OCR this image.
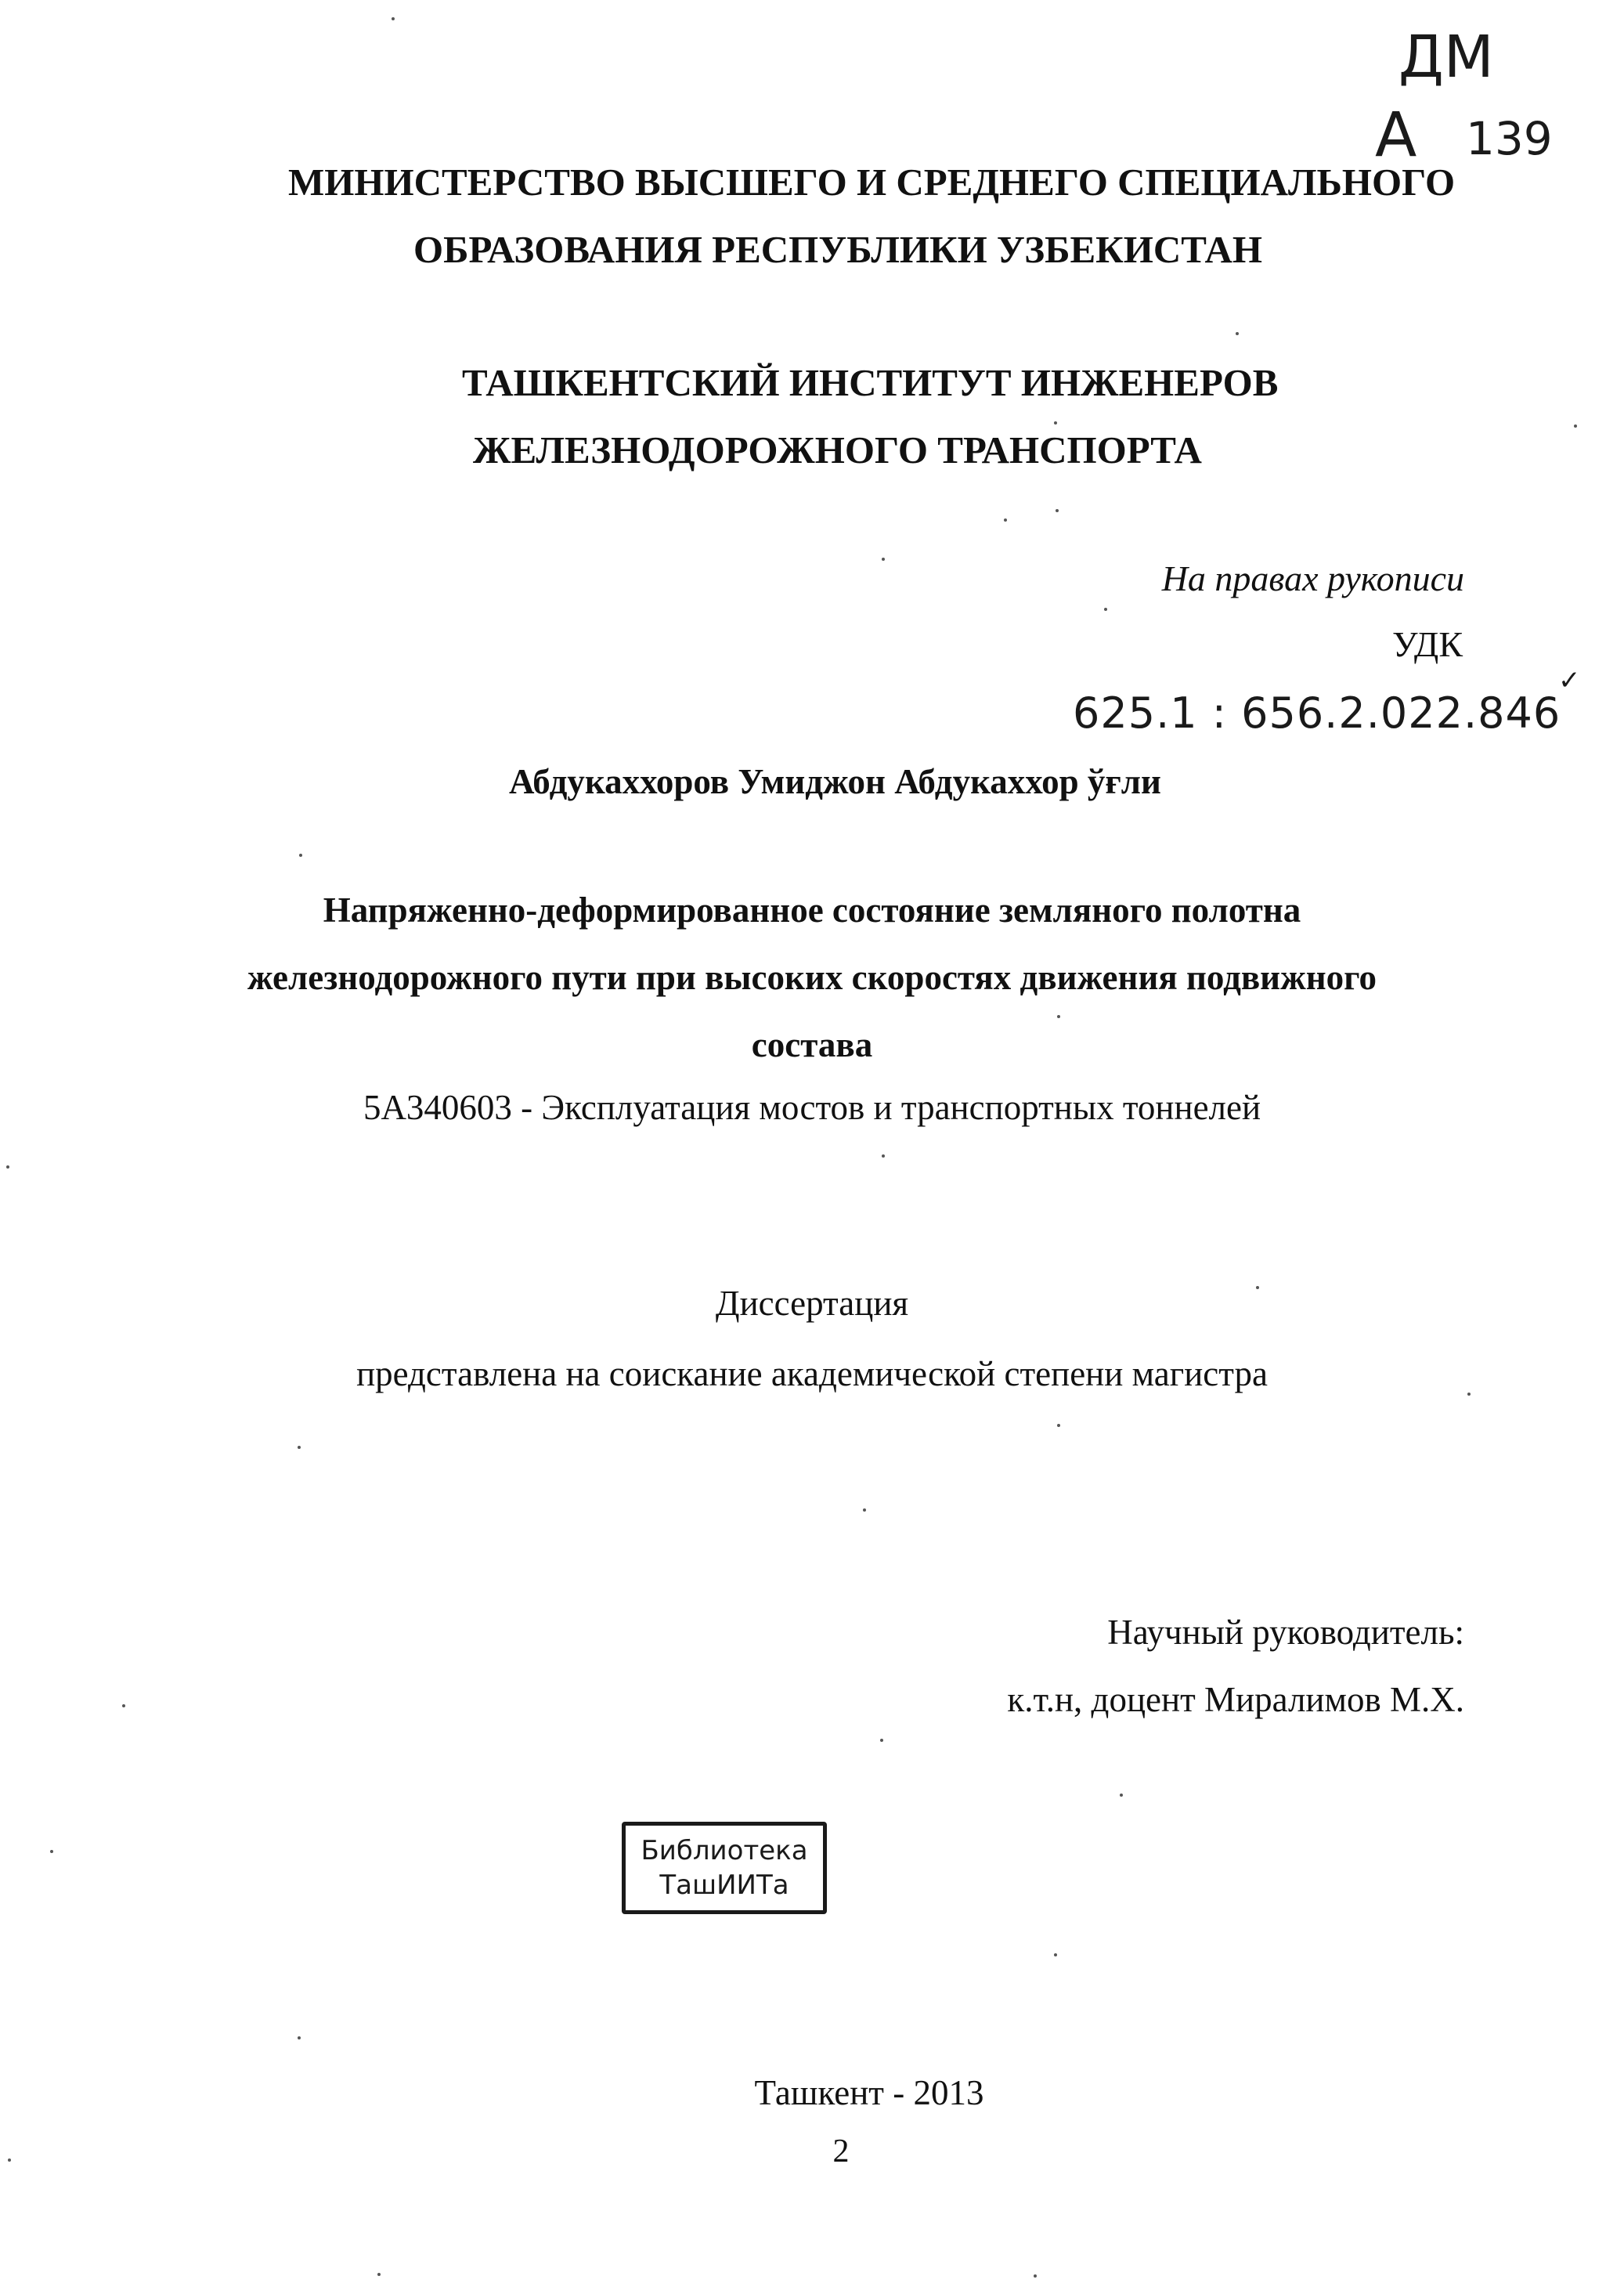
ДМ
А 139
МИНИСТЕРСТВО ВЫСШЕГО И СРЕДНЕГО СПЕЦИАЛЬНОГО
ОБРАЗОВАНИЯ РЕСПУБЛИКИ УЗБЕКИСТАН
ТАШКЕНТСКИЙ ИНСТИТУТ ИНЖЕНЕРОВ
ЖЕЛЕЗНОДОРОЖНОГО ТРАНСПОРТА
На правах рукописи
УДК
625.1 : 656.2.022.846
✓
Абдукаххоров Умиджон Абдукаххор ўғли
Напряженно-деформированное состояние земляного полотна
железнодорожного пути при высоких скоростях движения подвижного
состава
5А340603 - Эксплуатация мостов и транспортных тоннелей
Диссертация
представлена на соискание академической степени магистра
Научный руководитель:
к.т.н, доцент Миралимов М.Х.
Библиотека
ТашИИТа
Ташкент - 2013
2
